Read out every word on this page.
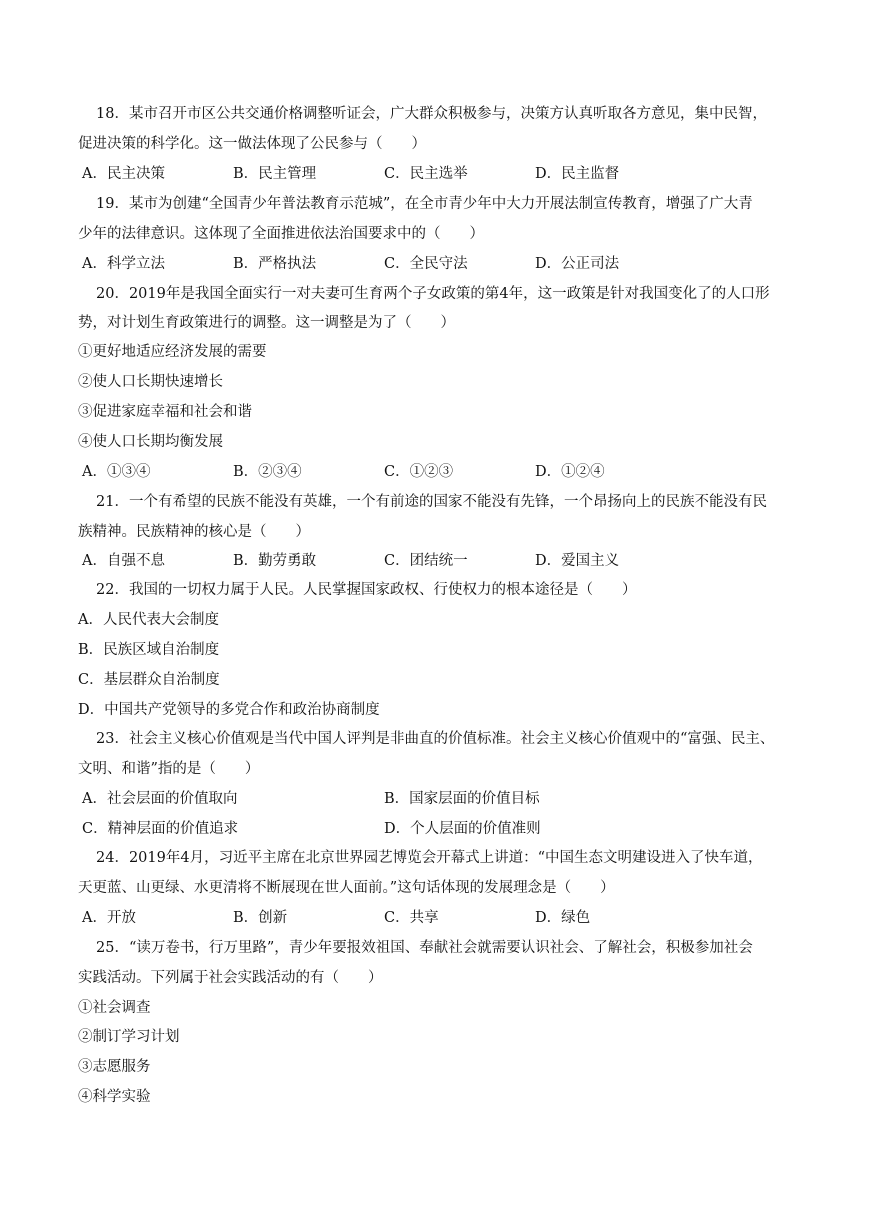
18．某市召开市区公共交通价格调整听证会，广大群众积极参与，决策方认真听取各方意见，集中民智，
促进决策的科学化。这一做法体现了公民参与（　　）
A．民主决策	B．民主管理	C．民主选举	D．民主监督
19．某市为创建“全国青少年普法教育示范城”，在全市青少年中大力开展法制宣传教育，增强了广大青
少年的法律意识。这体现了全面推进依法治国要求中的（　　）
A．科学立法	B．严格执法	C．全民守法	D．公正司法
20．2019年是我国全面实行一对夫妻可生育两个子女政策的第4年，这一政策是针对我国变化了的人口形
势，对计划生育政策进行的调整。这一调整是为了（　　）
①更好地适应经济发展的需要
②使人口长期快速增长
③促进家庭幸福和社会和谐
④使人口长期均衡发展
A．①③④	B．②③④	C．①②③	D．①②④
21．一个有希望的民族不能没有英雄，一个有前途的国家不能没有先锋，一个昂扬向上的民族不能没有民
族精神。民族精神的核心是（　　）
A．自强不息	B．勤劳勇敢	C．团结统一	D．爱国主义
22．我国的一切权力属于人民。人民掌握国家政权、行使权力的根本途径是（　　）
A．人民代表大会制度
B．民族区域自治制度
C．基层群众自治制度
D．中国共产党领导的多党合作和政治协商制度
23．社会主义核心价值观是当代中国人评判是非曲直的价值标准。社会主义核心价值观中的“富强、民主、
文明、和谐”指的是（　　）
A．社会层面的价值取向	B．国家层面的价值目标
C．精神层面的价值追求	D．个人层面的价值准则
24．2019年4月，习近平主席在北京世界园艺博览会开幕式上讲道：“中国生态文明建设进入了快车道，
天更蓝、山更绿、水更清将不断展现在世人面前。”这句话体现的发展理念是（　　）
A．开放	B．创新	C．共享	D．绿色
25．“读万卷书，行万里路”，青少年要报效祖国、奉献社会就需要认识社会、了解社会，积极参加社会
实践活动。下列属于社会实践活动的有（　　）
①社会调查
②制订学习计划
③志愿服务
④科学实验
